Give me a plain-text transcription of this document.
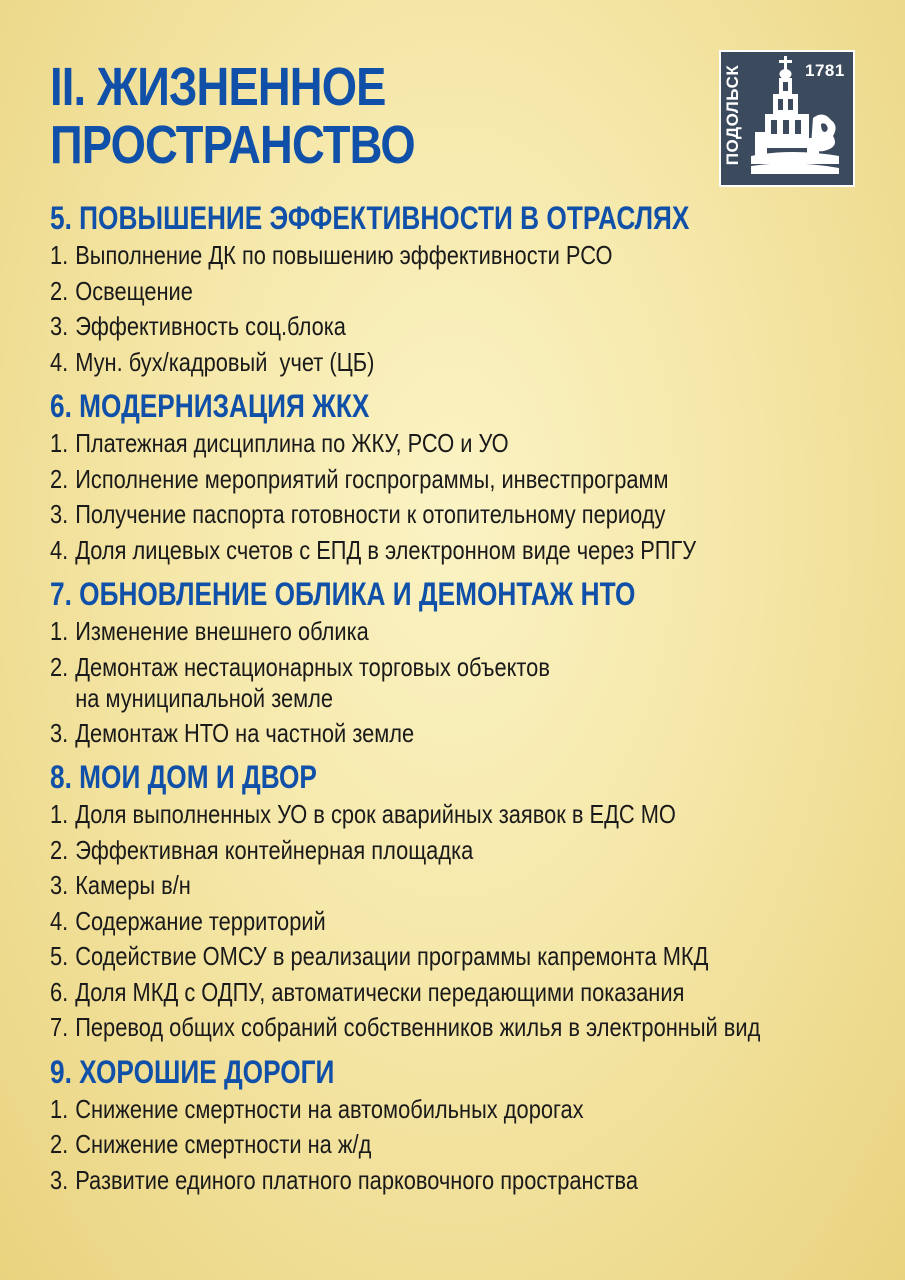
II. ЖИЗНЕННОЕ
ПРОСТРАНСТВО
1781
ПОДОЛЬСК
5. ПОВЫШЕНИЕ ЭФФЕКТИВНОСТИ В ОТРАСЛЯХ
1. Выполнение ДК по повышению эффективности РСО
2. Освещение
3. Эффективность соц.блока
4. Мун. бух/кадровый  учет (ЦБ)
6. МОДЕРНИЗАЦИЯ ЖКХ
1. Платежная дисциплина по ЖКУ, РСО и УО
2. Исполнение мероприятий госпрограммы, инвестпрограмм
3. Получение паспорта готовности к отопительному периоду
4. Доля лицевых счетов с ЕПД в электронном виде через РПГУ
7. ОБНОВЛЕНИЕ ОБЛИКА И ДЕМОНТАЖ НТО
1. Изменение внешнего облика
2. Демонтаж нестационарных торговых объектов
на муниципальной земле
3. Демонтаж НТО на частной земле
8. МОИ ДОМ И ДВОР
1. Доля выполненных УО в срок аварийных заявок в ЕДС МО
2. Эффективная контейнерная площадка
3. Камеры в/н
4. Содержание территорий
5. Содействие ОМСУ в реализации программы капремонта МКД
6. Доля МКД с ОДПУ, автоматически передающими показания
7. Перевод общих собраний собственников жилья в электронный вид
9. ХОРОШИЕ ДОРОГИ
1. Снижение смертности на автомобильных дорогах
2. Снижение смертности на ж/д
3. Развитие единого платного парковочного пространства
